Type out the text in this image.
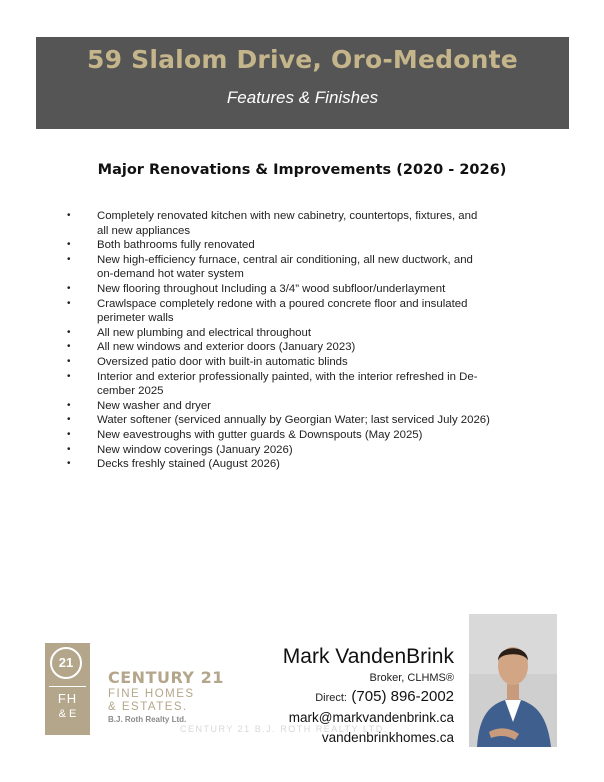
59 Slalom Drive, Oro-Medonte
Features & Finishes
Major Renovations & Improvements (2020 - 2026)
• Completely renovated kitchen with new cabinetry, countertops, fixtures, and
all new appliances
• Both bathrooms fully renovated
• New high-efficiency furnace, central air conditioning, all new ductwork, and
on-demand hot water system
• New flooring throughout Including a 3/4” wood subfloor/underlayment
• Crawlspace completely redone with a poured concrete floor and insulated
perimeter walls
• All new plumbing and electrical throughout
• All new windows and exterior doors (January 2023)
• Oversized patio door with built-in automatic blinds
• Interior and exterior professionally painted, with the interior refreshed in De-
cember 2025
• New washer and dryer
• Water softener (serviced annually by Georgian Water; last serviced July 2026)
• New eavestroughs with gutter guards & Downspouts (May 2025)
• New window coverings (January 2026)
• Decks freshly stained (August 2026)
21
FH
& E
CENTURY 21
FINE HOMES
& ESTATES.
B.J. Roth Realty Ltd.
CENTURY 21 B.J. ROTH REALTY LTD.
Mark VandenBrink
Broker, CLHMS®
Direct: (705) 896-2002
mark@markvandenbrink.ca
vandenbrinkhomes.ca
